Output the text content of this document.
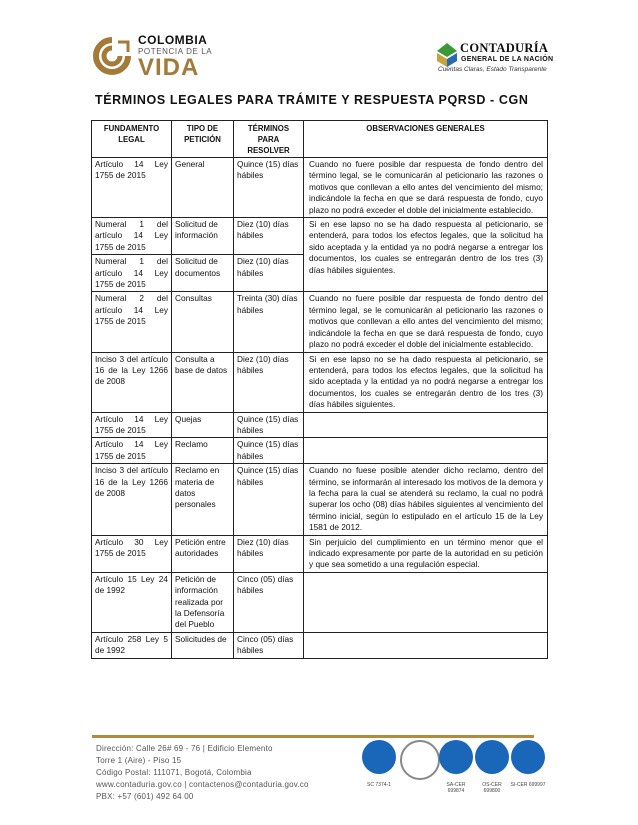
COLOMBIA
POTENCIA DE LA
VIDA
CONTADURÍA
GENERAL DE LA NACIÓN
Cuentas Claras, Estado Transparente
TÉRMINOS LEGALES PARA TRÁMITE Y RESPUESTA PQRSD - CGN
FUNDAMENTO LEGAL	TIPO DE PETICIÓN	TÉRMINOS PARA RESOLVER	OBSERVACIONES GENERALES
Artículo 14 Ley 1755 de 2015	General	Quince (15) días hábiles	Cuando no fuere posible dar respuesta de fondo dentro del término legal, se le comunicarán al peticionario las razones o motivos que conllevan a ello antes del vencimiento del mismo; indicándole la fecha en que se dará respuesta de fondo, cuyo plazo no podrá exceder el doble del inicialmente establecido.
Numeral 1 del artículo 14 Ley 1755 de 2015	Solicitud de información	Diez (10) días hábiles	Si en ese lapso no se ha dado respuesta al peticionario, se entenderá, para todos los efectos legales, que la solicitud ha sido aceptada y la entidad ya no podrá negarse a entregar los documentos, los cuales se entregarán dentro de los tres (3) días hábiles siguientes.
Numeral 1 del artículo 14 Ley 1755 de 2015	Solicitud de documentos	Diez (10) días hábiles	
Numeral 2 del artículo 14 Ley 1755 de 2015	Consultas	Treinta (30) días hábiles	Cuando no fuere posible dar respuesta de fondo dentro del término legal, se le comunicarán al peticionario las razones o motivos que conllevan a ello antes del vencimiento del mismo; indicándole la fecha en que se dará respuesta de fondo, cuyo plazo no podrá exceder el doble del inicialmente establecido.
Inciso 3 del artículo 16 de la Ley 1266 de 2008	Consulta a base de datos	Diez (10) días hábiles	Si en ese lapso no se ha dado respuesta al peticionario, se entenderá, para todos los efectos legales, que la solicitud ha sido aceptada y la entidad ya no podrá negarse a entregar los documentos, los cuales se entregarán dentro de los tres (3) días hábiles siguientes.
Artículo 14 Ley 1755 de 2015	Quejas	Quince (15) días hábiles	
Artículo 14 Ley 1755 de 2015	Reclamo	Quince (15) días hábiles	
Inciso 3 del artículo 16 de la Ley 1266 de 2008	Reclamo en materia de datos personales	Quince (15) días hábiles	Cuando no fuese posible atender dicho reclamo, dentro del término, se informarán al interesado los motivos de la demora y la fecha para la cual se atenderá su reclamo, la cual no podrá superar los ocho (08) días hábiles siguientes al vencimiento del término inicial, según lo estipulado en el artículo 15 de la Ley 1581 de 2012.
Artículo 30 Ley 1755 de 2015	Petición entre autoridades	Diez (10) días hábiles	Sin perjuicio del cumplimiento en un término menor que el indicado expresamente por parte de la autoridad en su petición y que sea sometido a una regulación especial.
Artículo 15 Ley 24 de 1992	Petición de información realizada por la Defensoría del Pueblo	Cinco (05) días hábiles	
Artículo 258 Ley 5 de 1992	Solicitudes de	Cinco (05) días hábiles	
Dirección: Calle 26# 69 - 76 | Edificio Elemento
Torre 1 (Aire) - Piso 15
Código Postal: 111071, Bogotá, Colombia
www.contaduria.gov.co | contactenos@contaduria.gov.co
PBX: +57 (601) 492 64 00
SC 7374-1	SA-CER 699874
OS-CER 699800
SI-CER 699997
